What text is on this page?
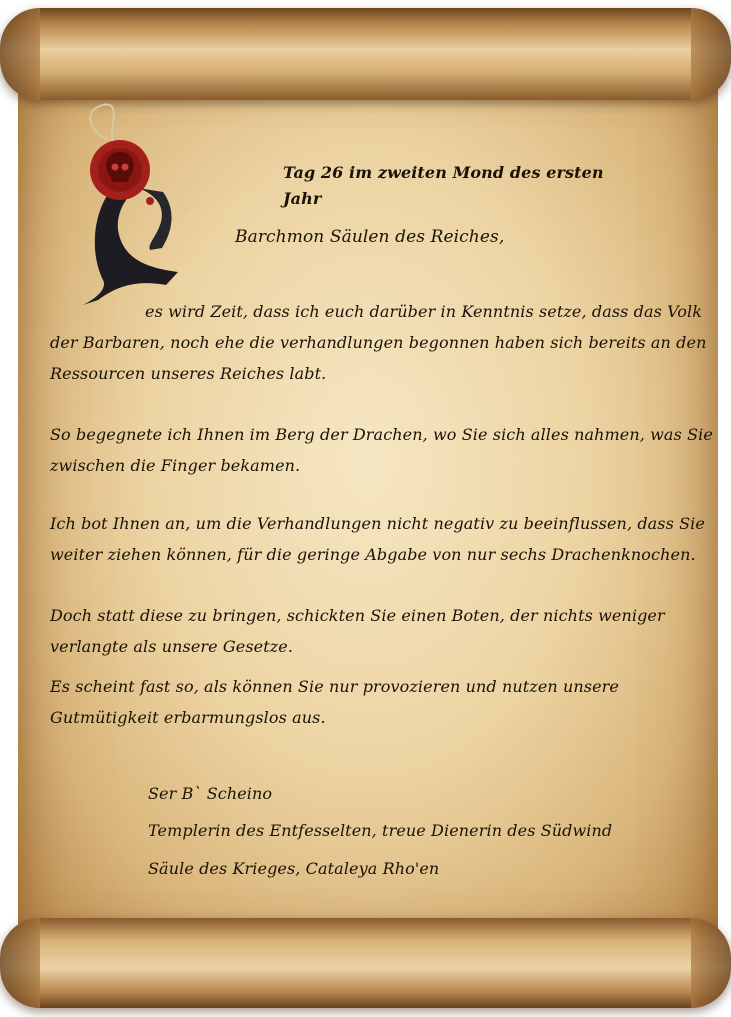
Tag 26 im zweiten Mond des ersten Jahr
Barchmon Säulen des Reiches,
es wird Zeit, dass ich euch darüber in Kenntnis setze, dass das Volk
der Barbaren, noch ehe die verhandlungen begonnen haben sich bereits an den
Ressourcen unseres Reiches labt.
So begegnete ich Ihnen im Berg der Drachen, wo Sie sich alles nahmen, was Sie
zwischen die Finger bekamen.
Ich bot Ihnen an, um die Verhandlungen nicht negativ zu beeinflussen, dass Sie
weiter ziehen können, für die geringe Abgabe von nur sechs Drachenknochen.
Doch statt diese zu bringen, schickten Sie einen Boten, der nichts weniger
verlangte als unsere Gesetze.
Es scheint fast so, als können Sie nur provozieren und nutzen unsere
Gutmütigkeit erbarmungslos aus.
Ser B` Scheino
Templerin des Entfesselten, treue Dienerin des Südwind
Säule des Krieges, Cataleya Rho'en
